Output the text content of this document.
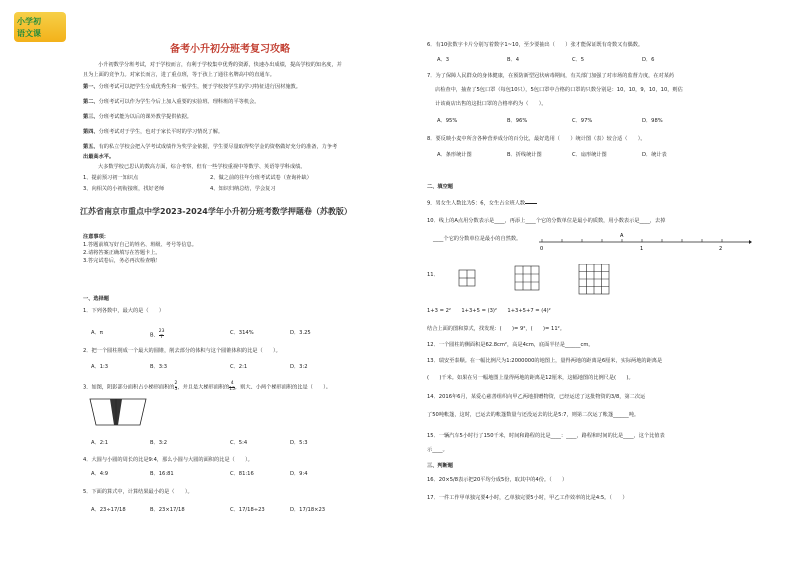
小学初
语文课
备考小升初分班考复习攻略
小升初数学分班考试，对于学校而言，有利于学校集中优秀的资源，快速办出成绩，提高学校的知名度，并
且为上面的竞争力。对家长而言，进了重点班，等于孩上了通往名牌高中的直通车。
第一、分班考试可以把学生分成优秀生和一般学生，便于学校按学生的学习特征进行因材施教。
第二、分班考试可以作为学生今后上加入重要的实验班、理科班的平等机会。
第三、分班考试能为以后的课外教学提供依据。
第四、分班考试对于学生，也对于家长平时的学习情况了解。
第五、有的私立学校会把入学考试成绩作为奖学金依据，学生要尽量取得奖学金的资格做好充分的准备，力争考
出最高水平。
大多数学校已思认的数高方面，综合考察，但有一些学校重视中等数学、英语等学科成绩。
1、提前预习初一知识点	2、做之前的往年分班考试试卷（查询补缺）
3、向相关的小初衔接班，找好老师	4、知识归纳总结，学会复习
江苏省南京市重点中学2023-2024学年小升初分班考数学押题卷（苏教版）
注意事项：
1.答题前填写好自己的姓名、班级、考号等信息。
2.请将答案正确填写在答题卡上。
3.答完试卷后，务必再次检查哦！
一、选择题
1．下列各数中，最大的是（　　）
A．π	B． $\frac{23}{7}$	C．314%	D．3.25
2．把一个圆柱削成一个最大的圆锥，削去部分的体积与这个圆锥体积的比是（　　）。
A．1:3	B．3:3	C．2:1	D．3:2
3．如图，阴影部分面积占小梯形面积的 $\frac{2}{5}$，并且是大梯形面积的 $\frac{4}{15}$，则大、小两个梯形面积的比是（　　）。
A．2:1	B．3:2	C．5:4	D．5:3
4．大圆与小圆的周长的比是9:4，那么小圆与大圆的面积的比是（　　）。
A．4:9	B．16:81	C．81:16	D．9:4
5．下面的算式中，计算结果最小的是（　　）。
A．23÷17/18	B．23×17/18	C．17/18÷23	D．17/18×23
6．有10张数字卡片分别写着数字1~10，至少要抽出（　　）张才能保证既有奇数又有偶数。
A．3	B．4	C．5	D．6
7．为了保障人民群众的身体健康，在预防新型冠状病毒期间，有关部门加强了对市场的监督力度，在对某药
店检查中，抽查了5包口罩（每包10只），5包口罩中合格的口罩的只数分别是：10，10，9，10，10，则估
计该商店出售的这批口罩的合格率约为（　　）。
A．95%	B．96%	C．97%	D．98%
8．要反映小麦中所含各种营养成分的百分比，最好选用（　　）统计图（表）较合适（　　）。
A．条形统计图	B．折线统计图	C．扇形统计图	D．统计表
二、填空题
9．男女生人数比为5：6，女生占全班人数

10．线上的A点用分数表示是____，再添上____个它的分数单位是最小的质数，用小数表示是____，去掉
____个它的分数单位是最小的自然数。
0	1	2
A
11．
1+3 = 2²　　1+3+5 = (3)²　　1+3+5+7 = (4)²
结合上面的图和算式，找发现：(　　)= 9²，(　　)= 11²。
12．一个圆柱的侧面积是62.8cm²，高是4cm，底面半径是______cm。
13．瑞安至泰顺。在一幅比例尺为1:2000000的地图上，量得两地的距离是6厘米，实际两地的距离是
(　　)千米。如果在另一幅地图上量得两地的距离是12厘米，这幅地图的比例尺是(　　)。
14．2016年6月，某爱心慈善组织向甲乙两地捐赠物资，已经运送了这批物资的3/8，第二次运
了50吨帐篷，这时，已运去的帐篷数量与还没运去的比是5:7，则第二次运了帐篷______吨。
15．一辆汽车5小时行了150千米，时间和路程的比是____：____，路程和时间的比是____，这个比值表
示____。
三、判断题
16．20×5/8表示把20平均分成5份，取其中的4份。（　　）
17．一件工作甲单独完要4小时，乙单独完要5小时，甲乙工作效率的比是4:5。（　　）
